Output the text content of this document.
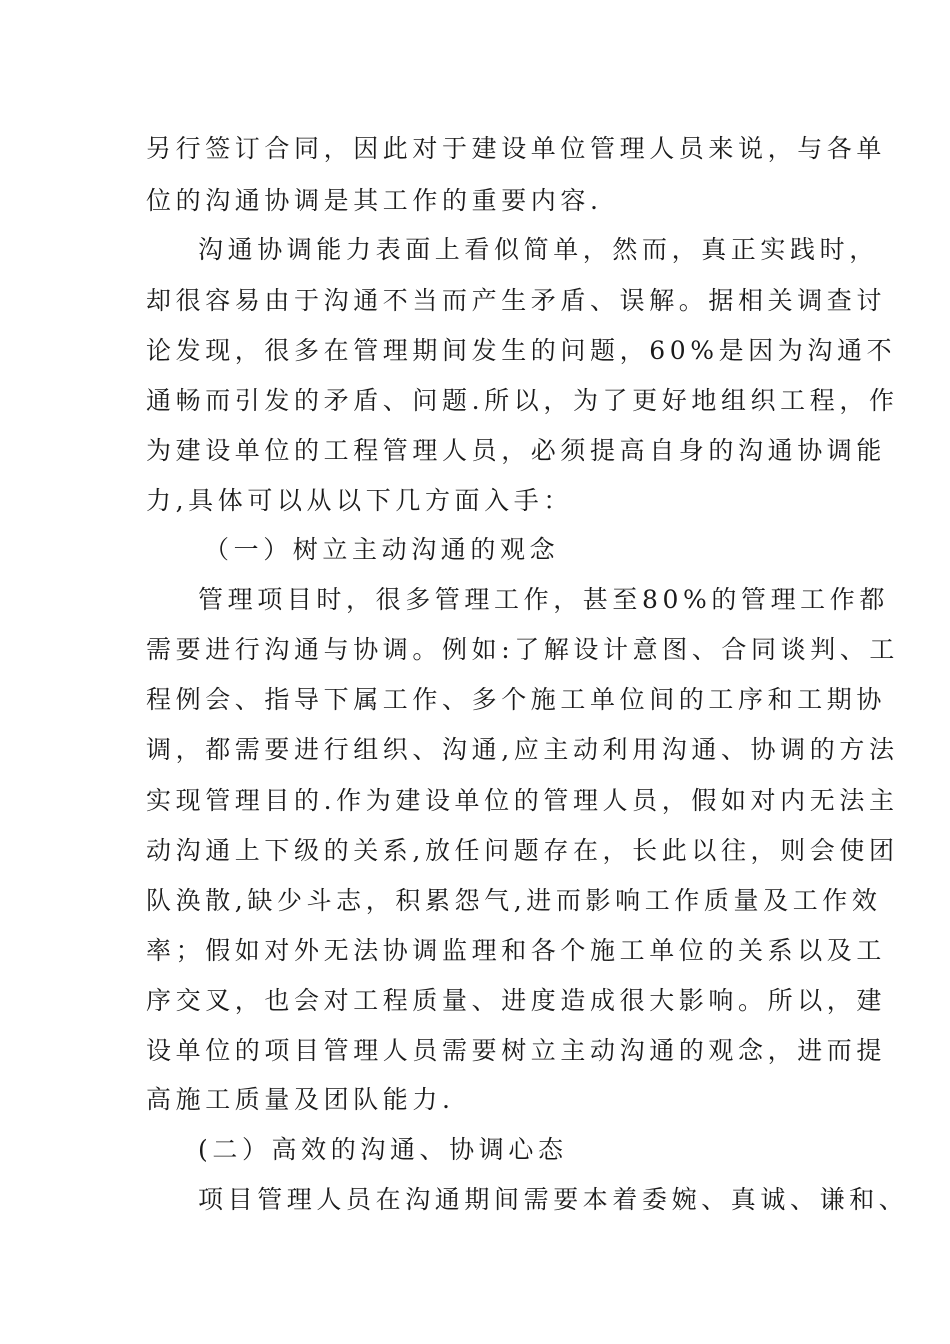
另行签订合同，因此对于建设单位管理人员来说，与各单
位的沟通协调是其工作的重要内容.
沟通协调能力表面上看似简单，然而，真正实践时，
却很容易由于沟通不当而产生矛盾、误解。据相关调查讨
论发现，很多在管理期间发生的问题，60%是因为沟通不
通畅而引发的矛盾、问题.所以，为了更好地组织工程，作
为建设单位的工程管理人员，必须提高自身的沟通协调能
力,具体可以从以下几方面入手：
（一）树立主动沟通的观念
管理项目时，很多管理工作，甚至80%的管理工作都
需要进行沟通与协调。例如:了解设计意图、合同谈判、工
程例会、指导下属工作、多个施工单位间的工序和工期协
调，都需要进行组织、沟通,应主动利用沟通、协调的方法
实现管理目的.作为建设单位的管理人员，假如对内无法主
动沟通上下级的关系,放任问题存在，长此以往，则会使团
队涣散,缺少斗志，积累怨气,进而影响工作质量及工作效
率；假如对外无法协调监理和各个施工单位的关系以及工
序交叉，也会对工程质量、进度造成很大影响。所以，建
设单位的项目管理人员需要树立主动沟通的观念，进而提
高施工质量及团队能力.
(二）高效的沟通、协调心态
项目管理人员在沟通期间需要本着委婉、真诚、谦和、
